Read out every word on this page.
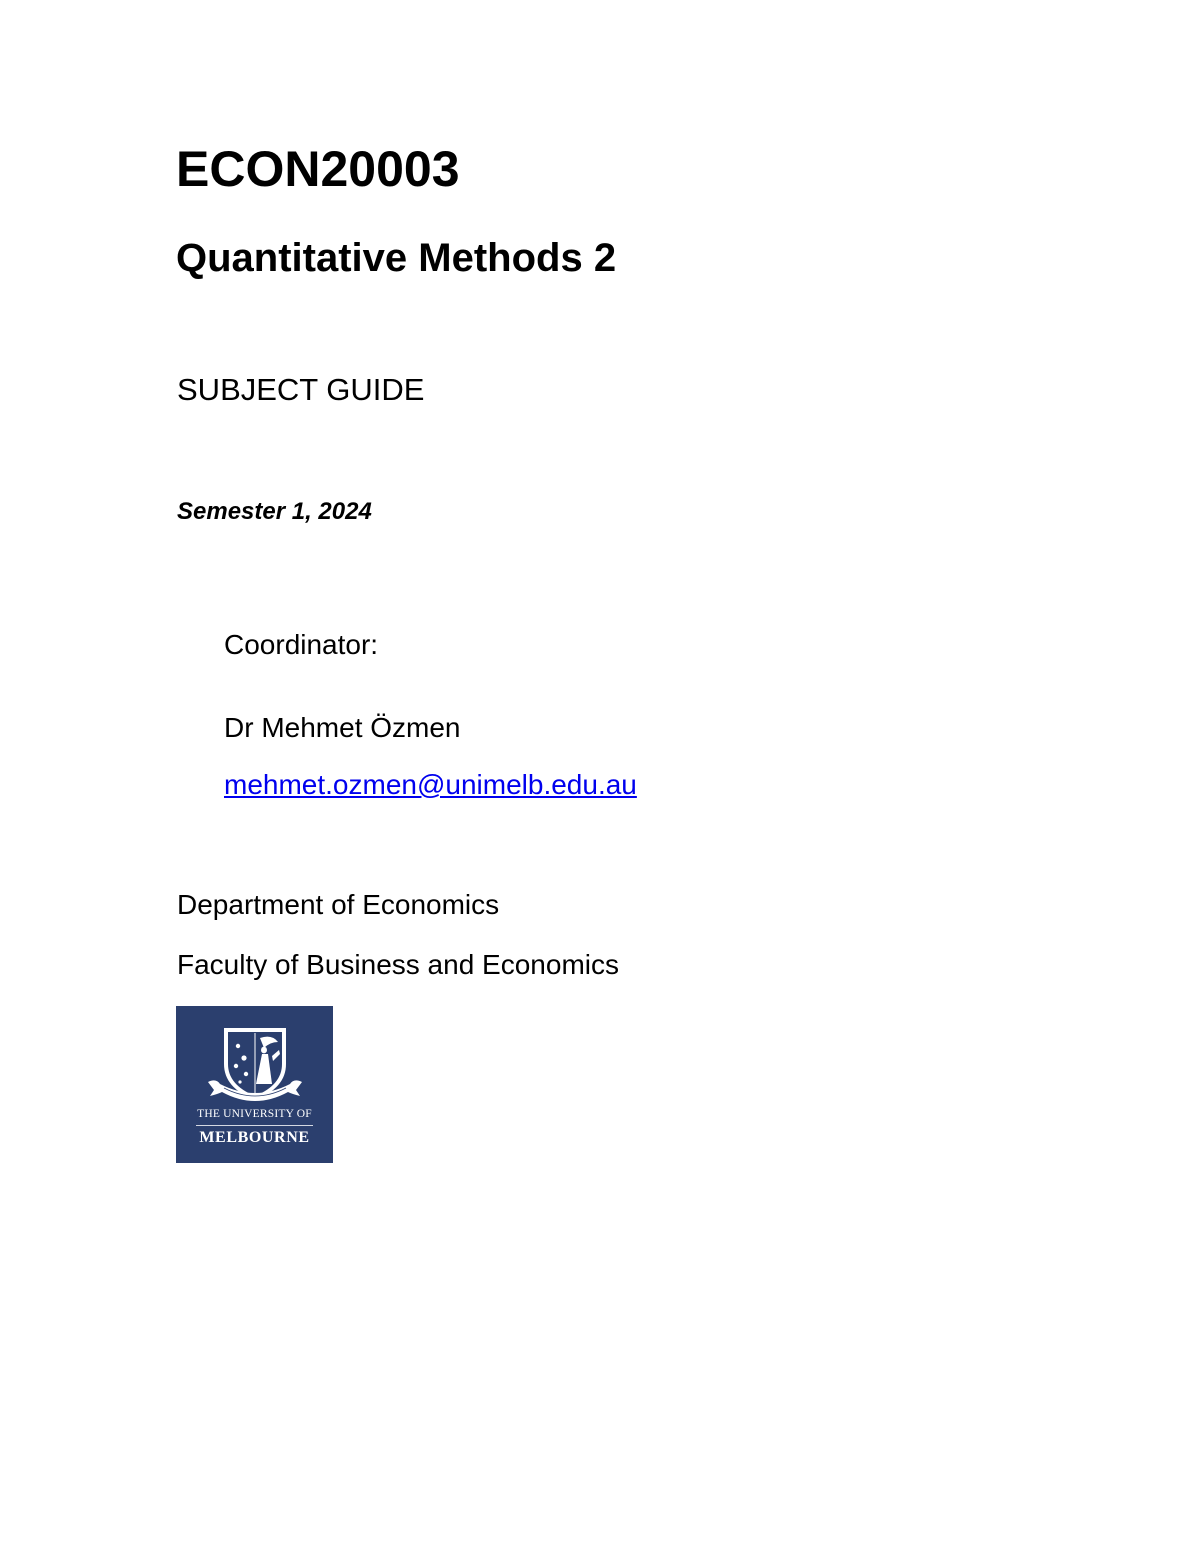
ECON20003
Quantitative Methods 2
SUBJECT GUIDE
Semester 1, 2024
Coordinator:
Dr Mehmet Özmen
mehmet.ozmen@unimelb.edu.au
Department of Economics
Faculty of Business and Economics
THE UNIVERSITY OF
MELBOURNE
